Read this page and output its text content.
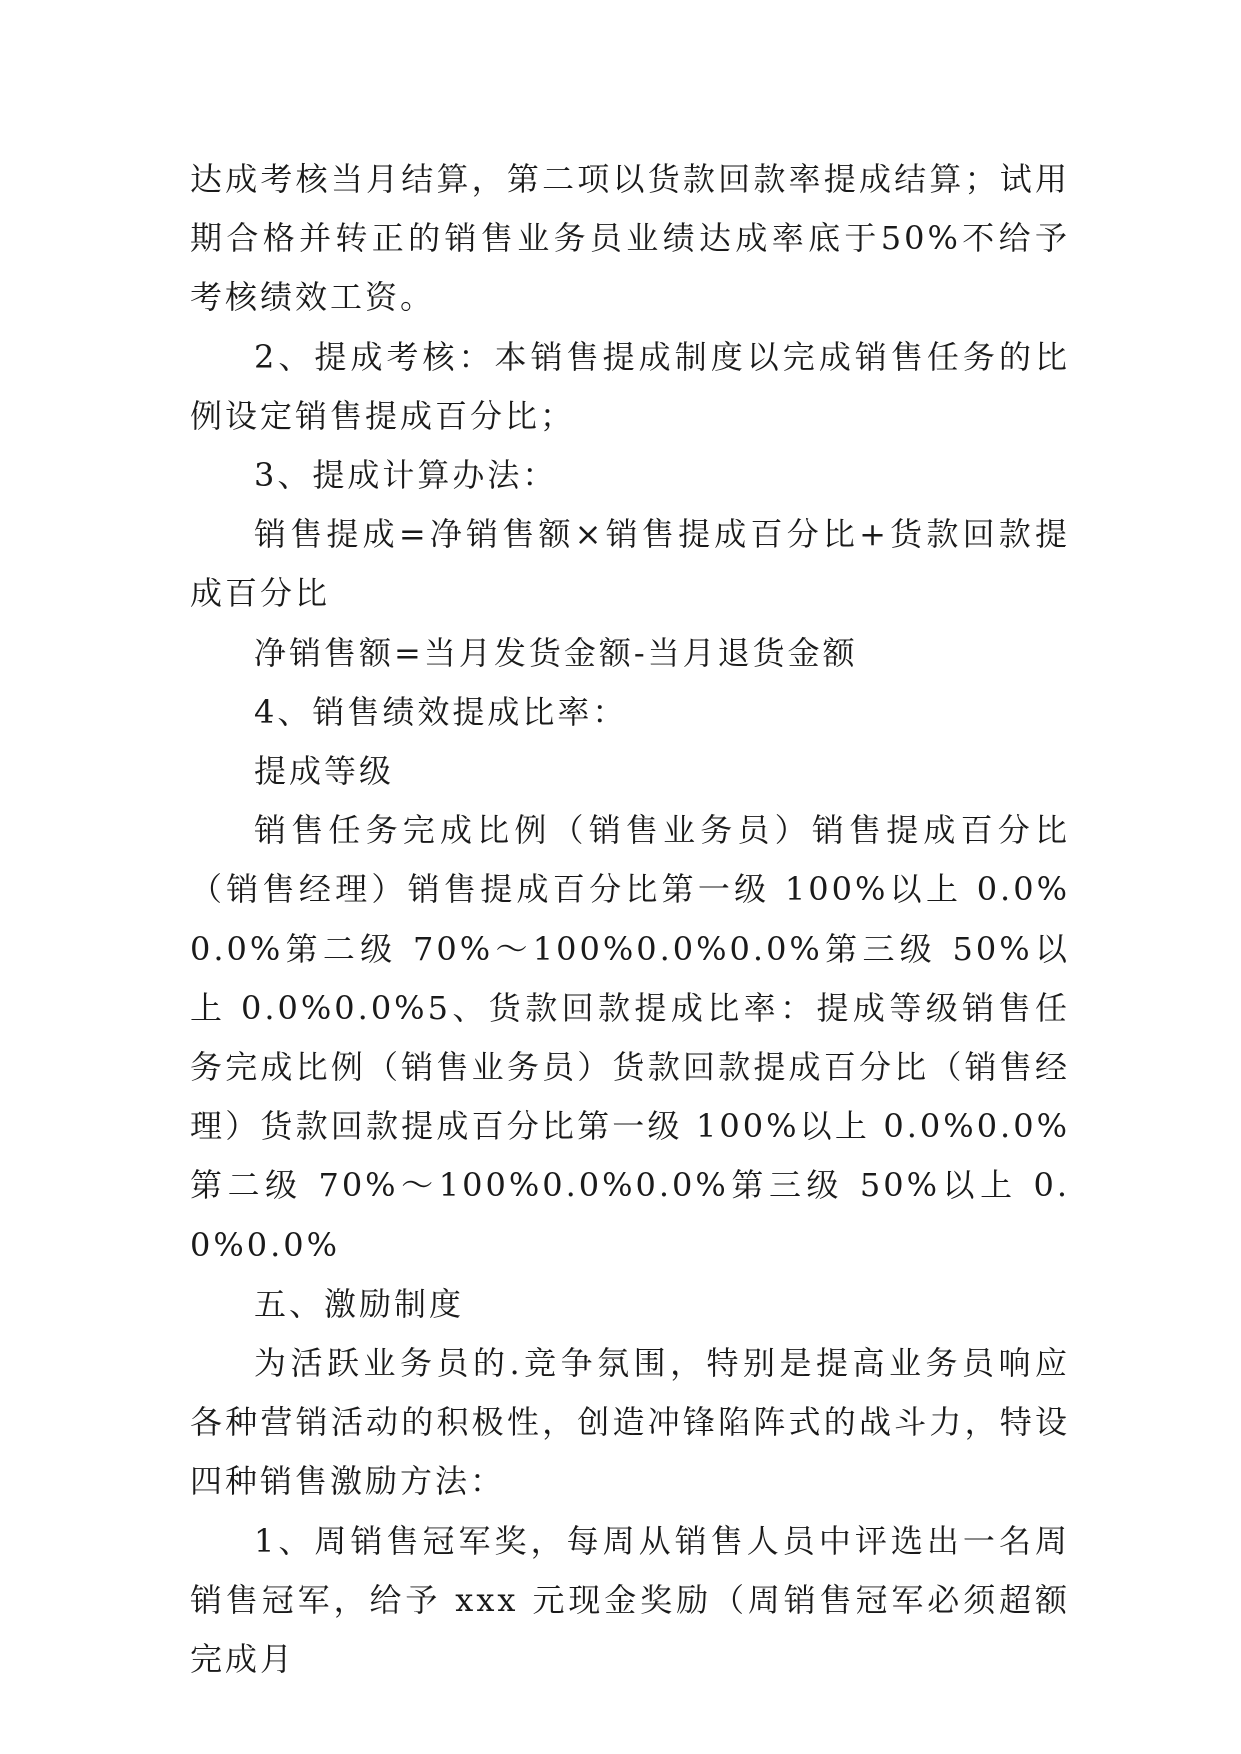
达成考核当月结算，第二项以货款回款率提成结算；试用期合格并转正的销售业务员业绩达成率底于50%不给予考核绩效工资。

2、提成考核：本销售提成制度以完成销售任务的比例设定销售提成百分比；

3、提成计算办法：

销售提成=净销售额×销售提成百分比+货款回款提成百分比

净销售额=当月发货金额-当月退货金额

4、销售绩效提成比率：

提成等级

销售任务完成比例（销售业务员）销售提成百分比（销售经理）销售提成百分比第一级 100%以上 0.0%0.0%第二级 70%～100%0.0%0.0%第三级 50%以上 0.0%0.0%5、货款回款提成比率：提成等级销售任务完成比例（销售业务员）货款回款提成百分比（销售经理）货款回款提成百分比第一级 100%以上 0.0%0.0%第二级 70%～100%0.0%0.0%第三级 50%以上 0.0%0.0%

五、激励制度

为活跃业务员的.竞争氛围，特别是提高业务员响应各种营销活动的积极性，创造冲锋陷阵式的战斗力，特设四种销售激励方法：

1、周销售冠军奖，每周从销售人员中评选出一名周销售冠军，给予 xxx 元现金奖励（周销售冠军必须超额完成月
